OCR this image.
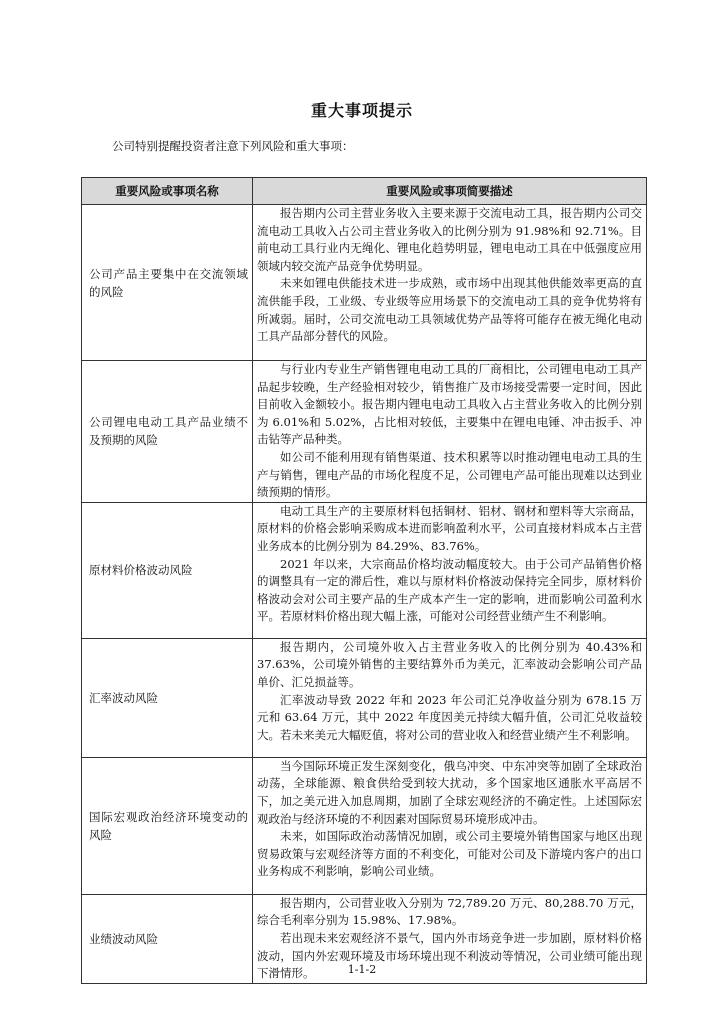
重大事项提示
公司特别提醒投资者注意下列风险和重大事项：
重要风险或事项名称	重要风险或事项简要描述
公司产品主要集中在交流领域的风险	报告期内公司主营业务收入主要来源于交流电动工具，报告期内公司交流电动工具收入占公司主营业务收入的比例分别为 91.98%和 92.71%。目前电动工具行业内无绳化、锂电化趋势明显，锂电电动工具在中低强度应用领域内较交流产品竞争优势明显。

未来如锂电供能技术进一步成熟，或市场中出现其他供能效率更高的直流供能手段，工业级、专业级等应用场景下的交流电动工具的竞争优势将有所减弱。届时，公司交流电动工具领域优势产品等将可能存在被无绳化电动工具产品部分替代的风险。

公司锂电电动工具产品业绩不及预期的风险	与行业内专业生产销售锂电电动工具的厂商相比，公司锂电电动工具产品起步较晚，生产经验相对较少，销售推广及市场接受需要一定时间，因此目前收入金额较小。报告期内锂电电动工具收入占主营业务收入的比例分别为 6.01%和 5.02%，占比相对较低，主要集中在锂电电锤、冲击扳手、冲击钻等产品种类。

如公司不能利用现有销售渠道、技术积累等以时推动锂电电动工具的生产与销售，锂电产品的市场化程度不足，公司锂电产品可能出现难以达到业绩预期的情形。

原材料价格波动风险	电动工具生产的主要原材料包括铜材、铝材、钢材和塑料等大宗商品，原材料的价格会影响采购成本进而影响盈利水平，公司直接材料成本占主营业务成本的比例分别为 84.29%、83.76%。

2021 年以来，大宗商品价格均波动幅度较大。由于公司产品销售价格的调整具有一定的滞后性，难以与原材料价格波动保持完全同步，原材料价格波动会对公司主要产品的生产成本产生一定的影响，进而影响公司盈利水平。若原材料价格出现大幅上涨，可能对公司经营业绩产生不利影响。

汇率波动风险	报告期内，公司境外收入占主营业务收入的比例分别为 40.43%和 37.63%，公司境外销售的主要结算外币为美元，汇率波动会影响公司产品单价、汇兑损益等。

汇率波动导致 2022 年和 2023 年公司汇兑净收益分别为 678.15 万元和 63.64 万元，其中 2022 年度因美元持续大幅升值，公司汇兑收益较大。若未来美元大幅贬值，将对公司的营业收入和经营业绩产生不利影响。

国际宏观政治经济环境变动的风险	当今国际环境正发生深刻变化，俄乌冲突、中东冲突等加剧了全球政治动荡，全球能源、粮食供给受到较大扰动，多个国家地区通胀水平高居不下，加之美元进入加息周期，加剧了全球宏观经济的不确定性。上述国际宏观政治与经济环境的不利因素对国际贸易环境形成冲击。

未来，如国际政治动荡情况加剧，或公司主要境外销售国家与地区出现贸易政策与宏观经济等方面的不利变化，可能对公司及下游境内客户的出口业务构成不利影响，影响公司业绩。

业绩波动风险	报告期内，公司营业收入分别为 72,789.20 万元、80,288.70 万元，综合毛利率分别为 15.98%、17.98%。

若出现未来宏观经济不景气，国内外市场竞争进一步加剧，原材料价格波动，国内外宏观环境及市场环境出现不利波动等情况，公司业绩可能出现下滑情形。	1-1-2
